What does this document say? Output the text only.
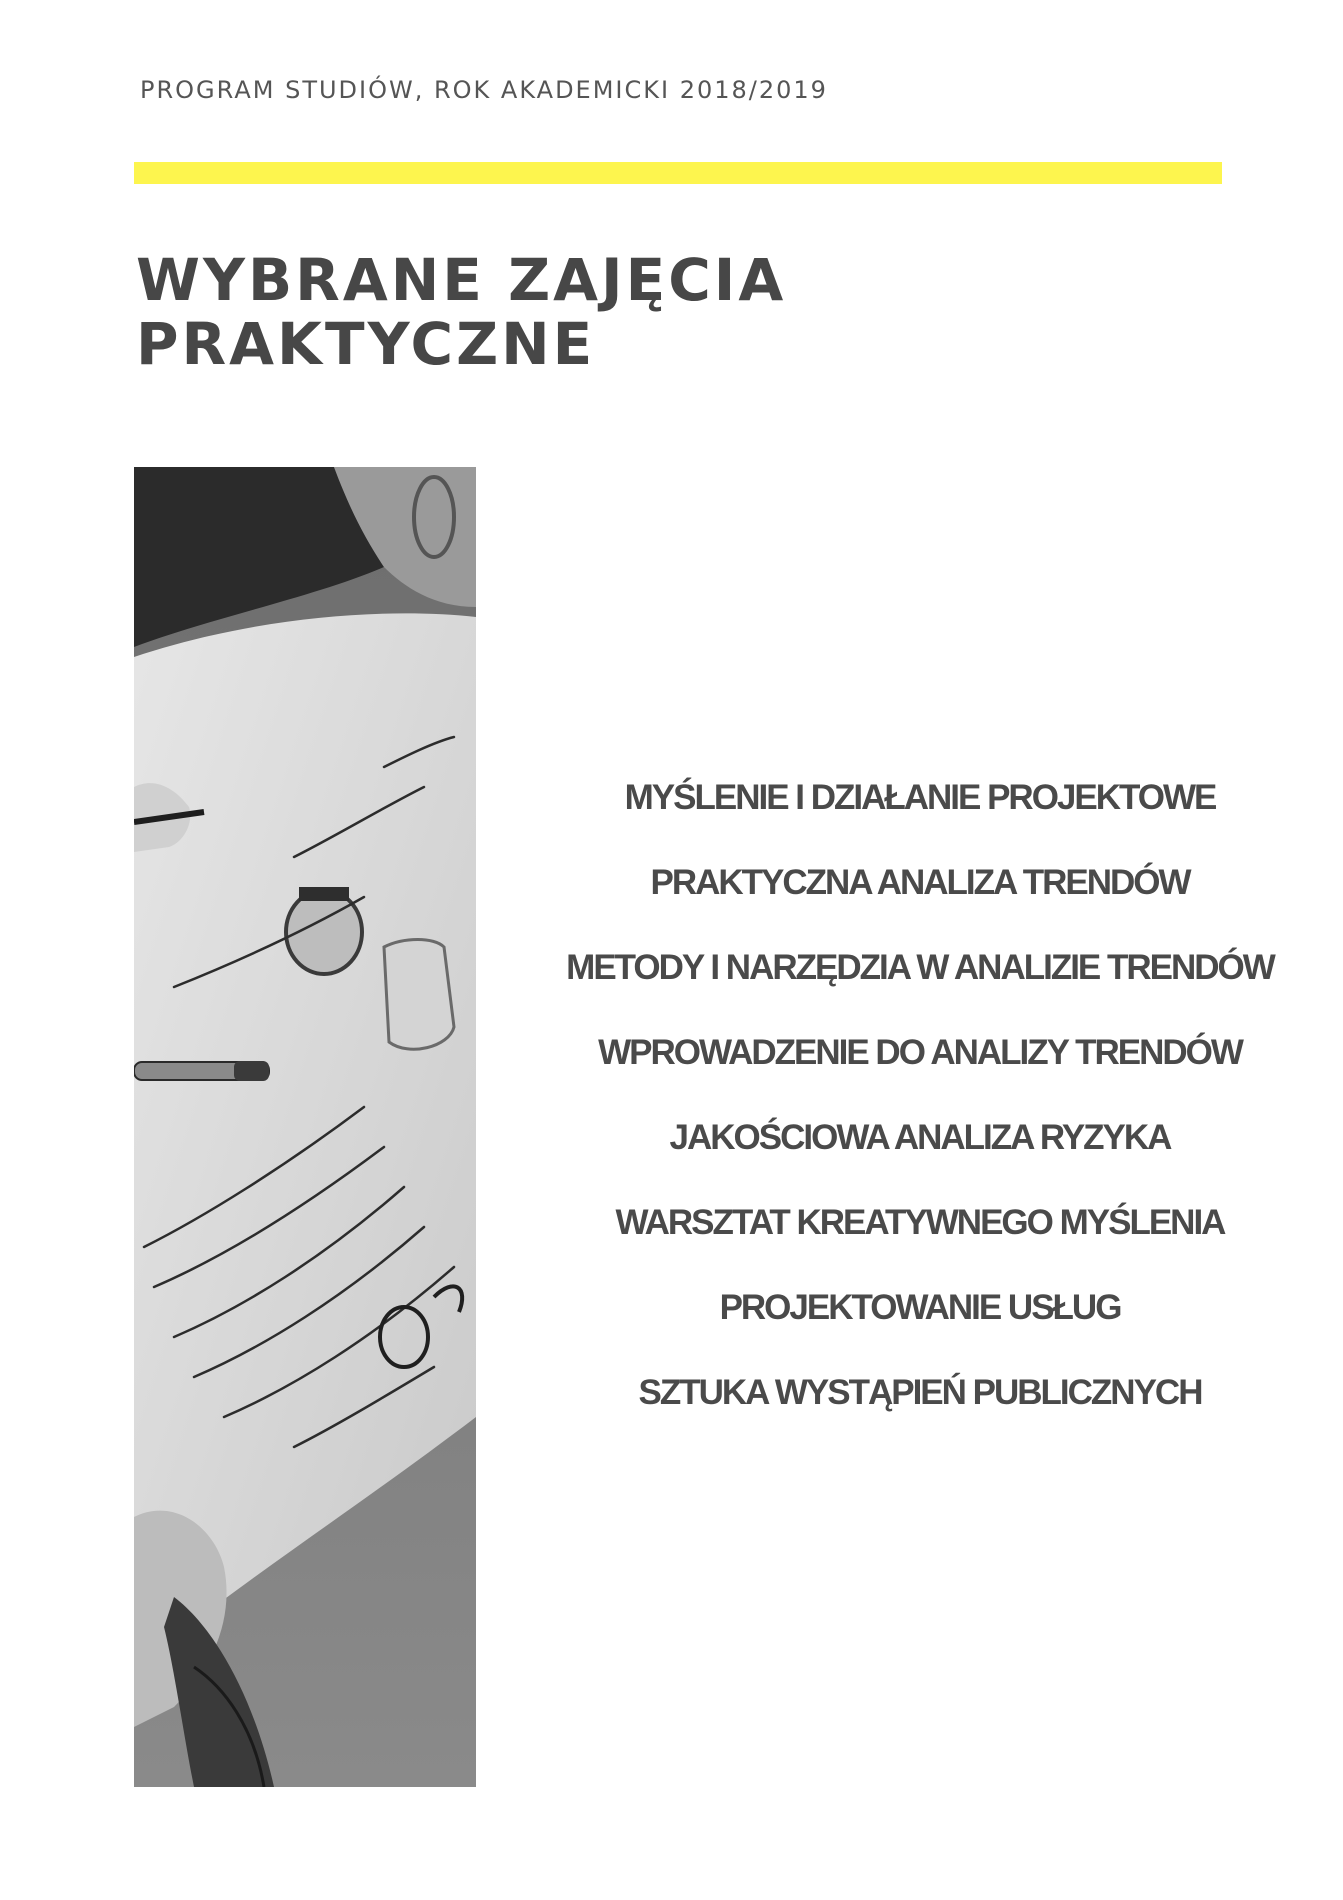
PROGRAM STUDIÓW, ROK AKADEMICKI 2018/2019
WYBRANE ZAJĘCIA
PRAKTYCZNE
MYŚLENIE I DZIAŁANIE PROJEKTOWE
PRAKTYCZNA ANALIZA TRENDÓW
METODY I NARZĘDZIA W ANALIZIE TRENDÓW
WPROWADZENIE DO ANALIZY TRENDÓW
JAKOŚCIOWA ANALIZA RYZYKA
WARSZTAT KREATYWNEGO MYŚLENIA
PROJEKTOWANIE USŁUG
SZTUKA WYSTĄPIEŃ PUBLICZNYCH
